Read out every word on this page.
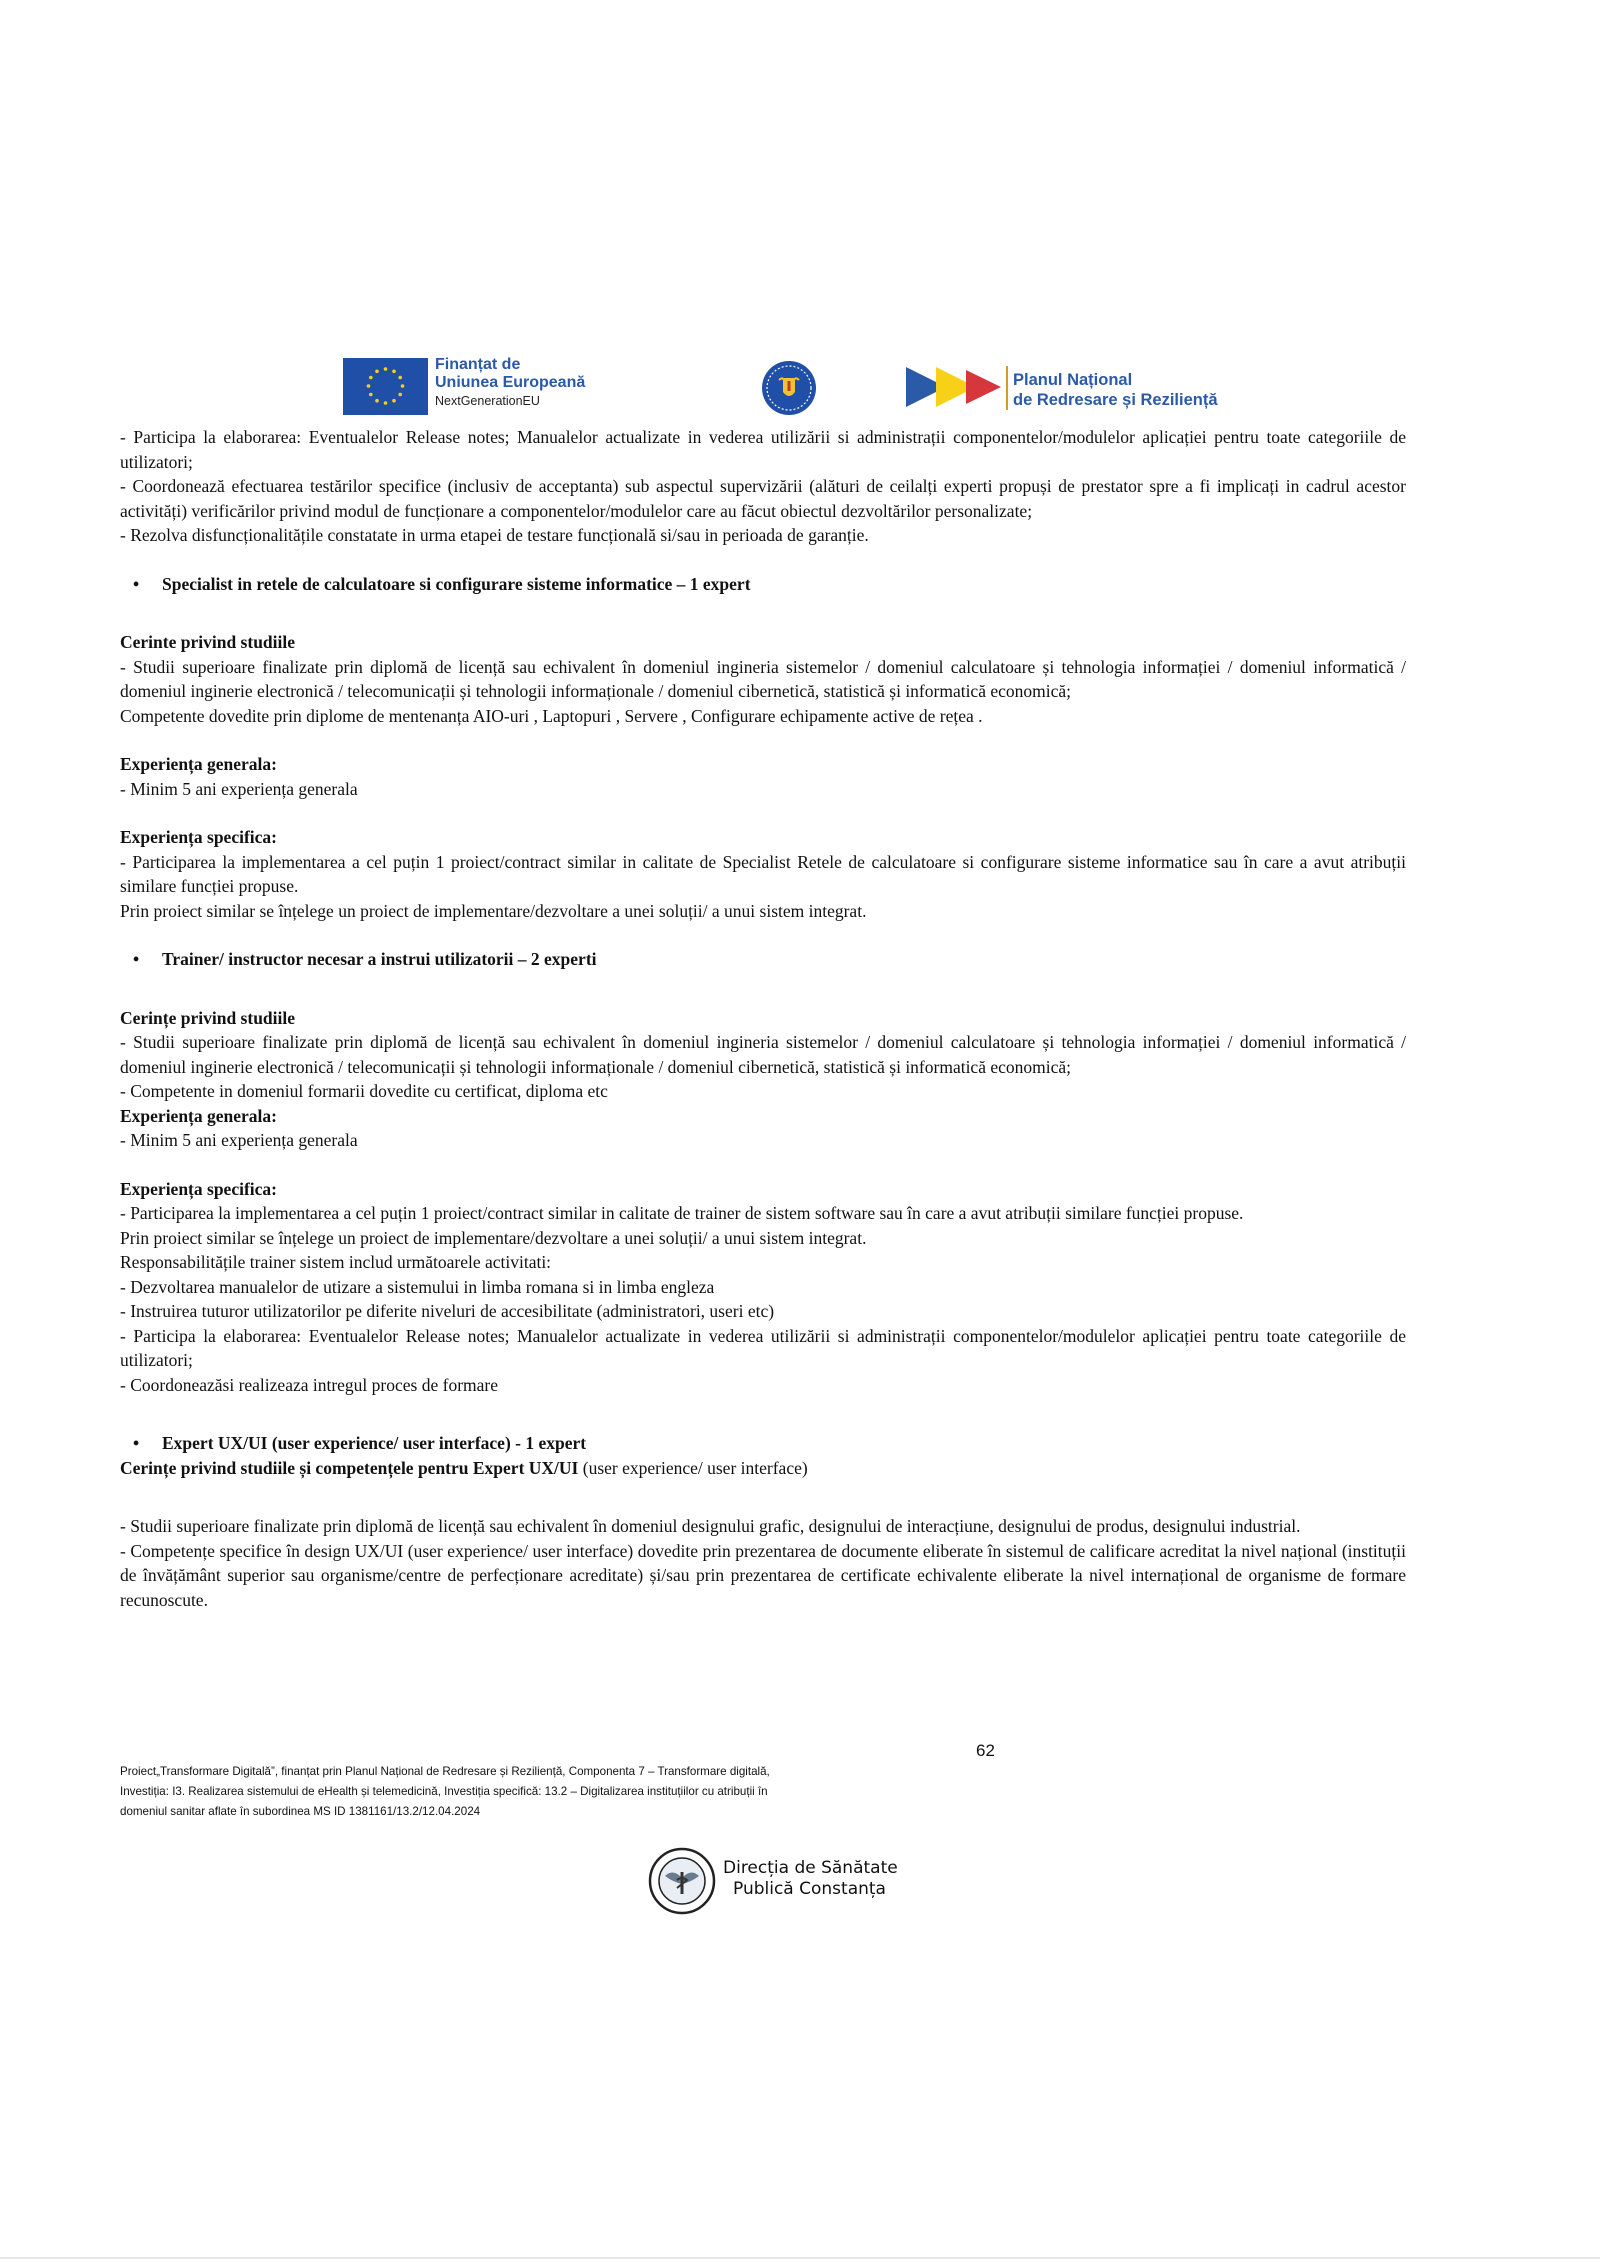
Finanțat de
Uniunea Europeană
NextGenerationEU
Planul Național
de Redresare și Reziliență

- Participa la elaborarea: Eventualelor Release notes; Manualelor actualizate in vederea utilizării si administrații componentelor/modulelor aplicației pentru toate categoriile de utilizatori;

- Coordonează efectuarea testărilor specifice (inclusiv de acceptanta) sub aspectul supervizării (alături de ceilalți experti propuși de prestator spre a fi implicați in cadrul acestor activități) verificărilor privind modul de funcționare a componentelor/modulelor care au făcut obiectul dezvoltărilor personalizate;

- Rezolva disfuncționalitățile constatate in urma etapei de testare funcțională si/sau in perioada de garanție.

• Specialist in retele de calculatoare si configurare sisteme informatice – 1 expert

Cerinte privind studiile

- Studii superioare finalizate prin diplomă de licență sau echivalent în domeniul ingineria sistemelor / domeniul calculatoare și tehnologia informației / domeniul informatică / domeniul inginerie electronică / telecomunicații și tehnologii informaționale / domeniul cibernetică, statistică și informatică economică;

Competente dovedite prin diplome de mentenanța AIO-uri , Laptopuri , Servere , Configurare echipamente active de rețea .

Experiența generala:

- Minim 5 ani experiența generala

Experiența specifica:

- Participarea la implementarea a cel puțin 1 proiect/contract similar in calitate de Specialist Retele de calculatoare si configurare sisteme informatice sau în care a avut atribuții similare funcției propuse.

Prin proiect similar se înțelege un proiect de implementare/dezvoltare a unei soluții/ a unui sistem integrat.

• Trainer/ instructor necesar a instrui utilizatorii – 2 experti

Cerințe privind studiile

- Studii superioare finalizate prin diplomă de licență sau echivalent în domeniul ingineria sistemelor / domeniul calculatoare și tehnologia informației / domeniul informatică / domeniul inginerie electronică / telecomunicații și tehnologii informaționale / domeniul cibernetică, statistică și informatică economică;

- Competente in domeniul formarii dovedite cu certificat, diploma etc

Experiența generala:

- Minim 5 ani experiența generala

Experiența specifica:

- Participarea la implementarea a cel puțin 1 proiect/contract similar in calitate de trainer de sistem software sau în care a avut atribuții similare funcției propuse.

Prin proiect similar se înțelege un proiect de implementare/dezvoltare a unei soluții/ a unui sistem integrat.

Responsabilitățile trainer sistem includ următoarele activitati:

- Dezvoltarea manualelor de utizare a sistemului in limba romana si in limba engleza

- Instruirea tuturor utilizatorilor pe diferite niveluri de accesibilitate (administratori, useri etc)

- Participa la elaborarea: Eventualelor Release notes; Manualelor actualizate in vederea utilizării si administrații componentelor/modulelor aplicației pentru toate categoriile de utilizatori;

- Coordoneazăsi realizeaza intregul proces de formare

• Expert UX/UI (user experience/ user interface) - 1 expert

Cerințe privind studiile și competențele pentru Expert UX/UI (user experience/ user interface)

- Studii superioare finalizate prin diplomă de licență sau echivalent în domeniul designului grafic, designului de interacțiune, designului de produs, designului industrial.

- Competențe specifice în design UX/UI (user experience/ user interface) dovedite prin prezentarea de documente eliberate în sistemul de calificare acreditat la nivel național (instituții de învățământ superior sau organisme/centre de perfecționare acreditate) și/sau prin prezentarea de certificate echivalente eliberate la nivel internațional de organisme de formare recunoscute.

62
Proiect„Transformare Digitală”, finanțat prin Planul Național de Redresare și Reziliență, Componenta 7 – Transformare digitală,
Investiția: I3. Realizarea sistemului de eHealth și telemedicină, Investiția specifică: 13.2 – Digitalizarea instituțiilor cu atribuții în
domeniul sanitar aflate în subordinea MS ID 1381161/13.2/12.04.2024
Direcția de Sănătate
Publică Constanța
